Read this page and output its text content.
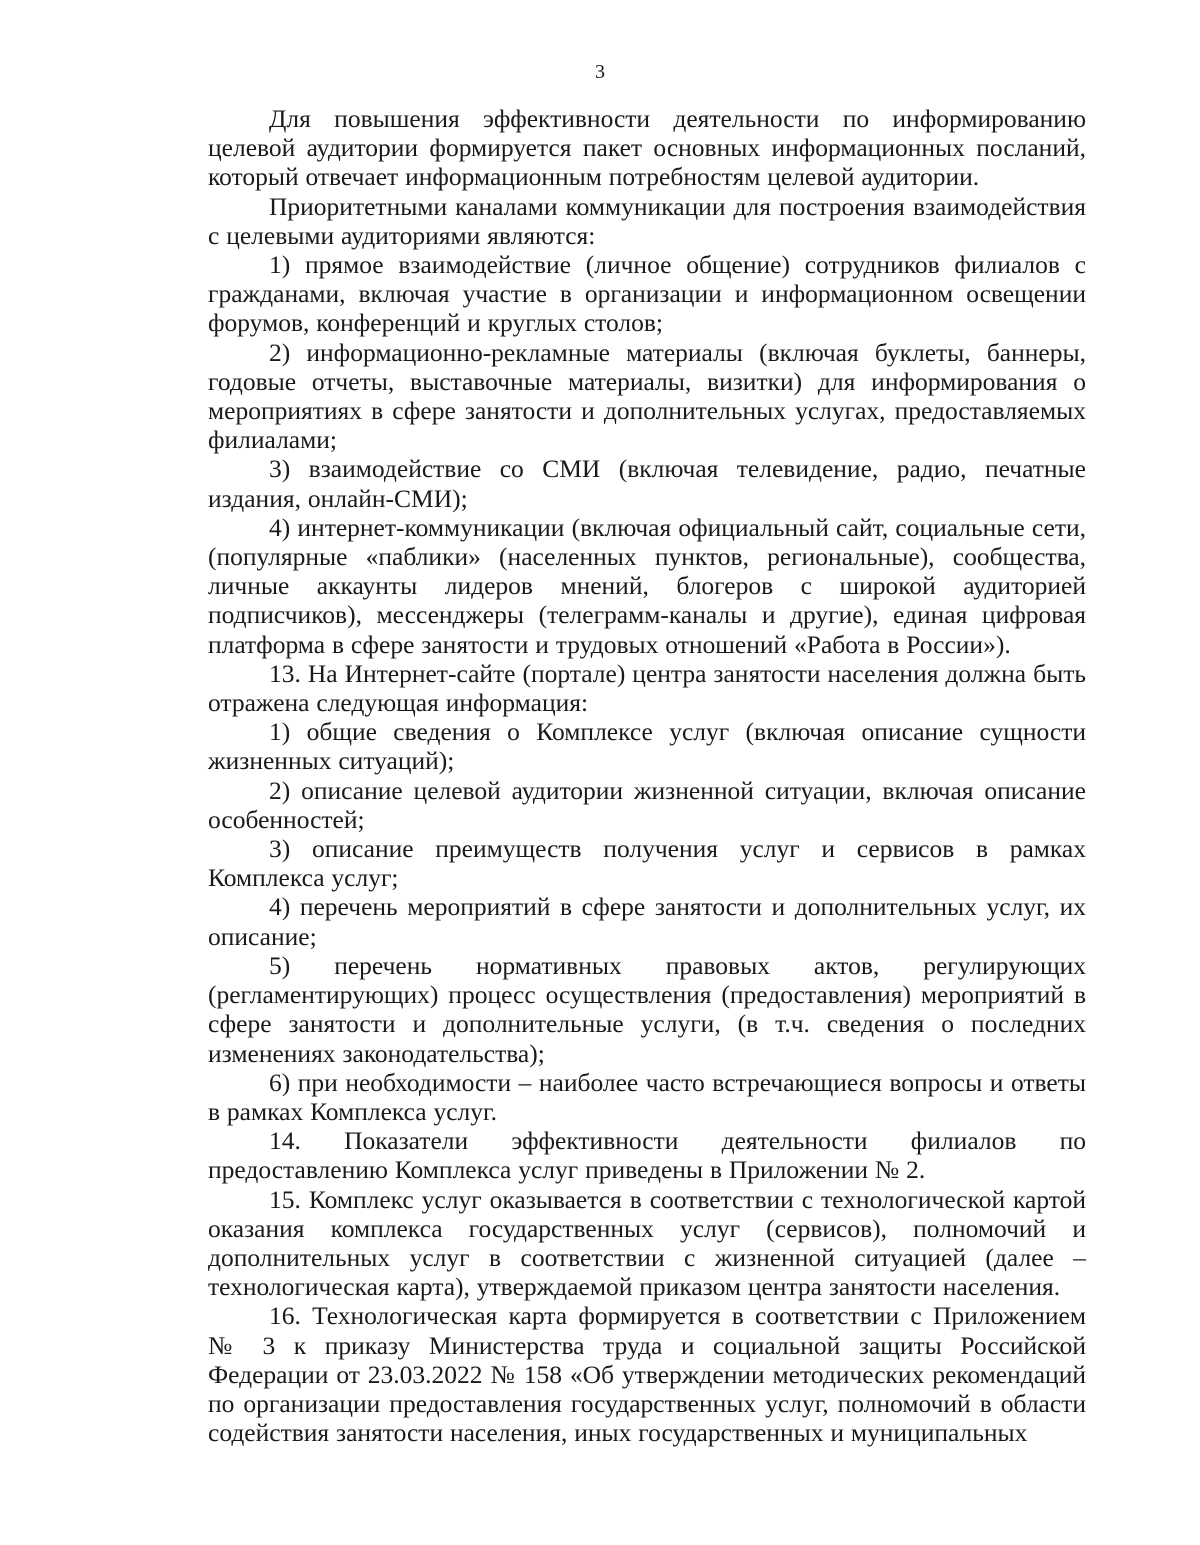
3

Для повышения эффективности деятельности по информированию целевой аудитории формируется пакет основных информационных посланий, который отвечает информационным потребностям целевой аудитории.

Приоритетными каналами коммуникации для построения взаимодействия с целевыми аудиториями являются:

1) прямое взаимодействие (личное общение) сотрудников филиалов с гражданами, включая участие в организации и информационном освещении форумов, конференций и круглых столов;

2) информационно-рекламные материалы (включая буклеты, баннеры, годовые отчеты, выставочные материалы, визитки) для информирования о мероприятиях в сфере занятости и дополнительных услугах, предоставляемых филиалами;

3) взаимодействие со СМИ (включая телевидение, радио, печатные издания, онлайн-СМИ);

4) интернет-коммуникации (включая официальный сайт, социальные сети, (популярные «паблики» (населенных пунктов, региональные), сообщества, личные аккаунты лидеров мнений, блогеров с широкой аудиторией подписчиков), мессенджеры (телеграмм-каналы и другие), единая цифровая платформа в сфере занятости и трудовых отношений «Работа в России»).

13. На Интернет-сайте (портале) центра занятости населения должна быть отражена следующая информация:

1) общие сведения о Комплексе услуг (включая описание сущности жизненных ситуаций);

2) описание целевой аудитории жизненной ситуации, включая описание особенностей;

3) описание преимуществ получения услуг и сервисов в рамках Комплекса услуг;

4) перечень мероприятий в сфере занятости и дополнительных услуг, их описание;

5) перечень нормативных правовых актов, регулирующих (регламентирующих) процесс осуществления (предоставления) мероприятий в сфере занятости и дополнительные услуги, (в т.ч. сведения о последних изменениях законодательства);

6) при необходимости – наиболее часто встречающиеся вопросы и ответы в рамках Комплекса услуг.

14. Показатели эффективности деятельности филиалов по предоставлению Комплекса услуг приведены в Приложении № 2.

15. Комплекс услуг оказывается в соответствии с технологической картой оказания комплекса государственных услуг (сервисов), полномочий и дополнительных услуг в соответствии с жизненной ситуацией (далее – технологическая карта), утверждаемой приказом центра занятости населения.

16. Технологическая карта формируется в соответствии с Приложением № 3 к приказу Министерства труда и социальной защиты Российской Федерации от 23.03.2022 № 158 «Об утверждении методических рекомендаций по организации предоставления государственных услуг, полномочий в области содействия занятости населения, иных государственных и муниципальных
